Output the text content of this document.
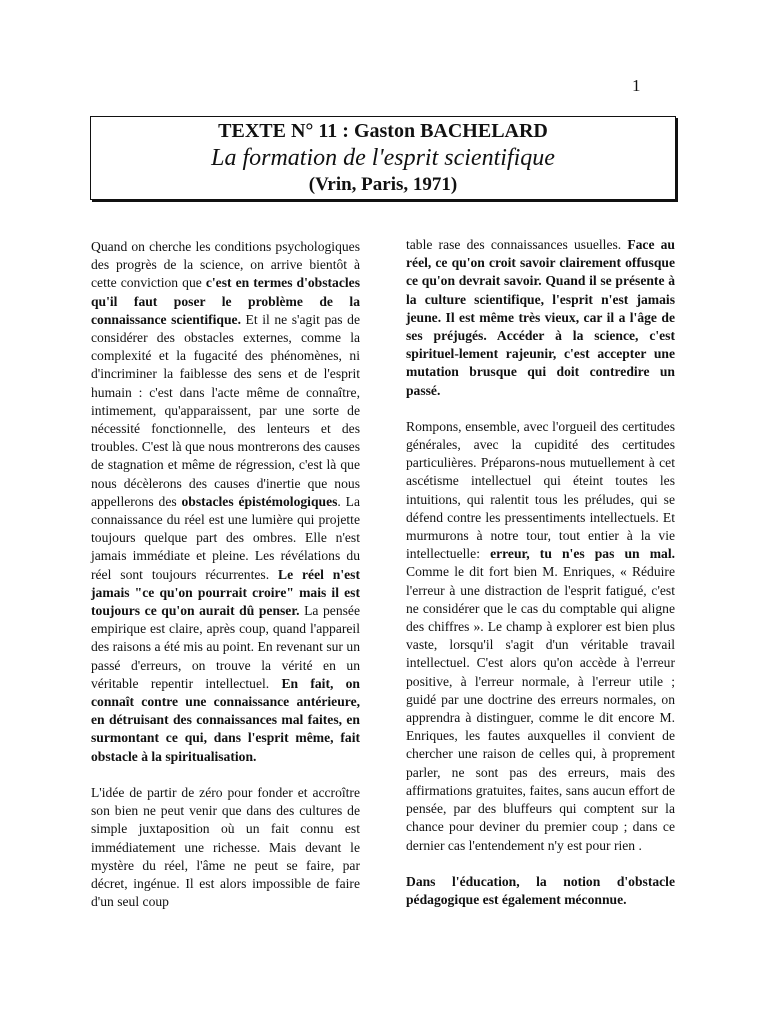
1
TEXTE N° 11 : Gaston BACHELARD
La formation de l'esprit scientifique
(Vrin, Paris, 1971)

Quand on cherche les conditions psychologiques des progrès de la science, on arrive bientôt à cette conviction que c'est en termes d'obstacles qu'il faut poser le problème de la connaissance scientifique. Et il ne s'agit pas de considérer des obstacles externes, comme la complexité et la fugacité des phénomènes, ni d'incriminer la faiblesse des sens et de l'esprit humain : c'est dans l'acte même de connaître, intimement, qu'apparaissent, par une sorte de nécessité fonctionnelle, des lenteurs et des troubles. C'est là que nous montrerons des causes de stagnation et même de régression, c'est là que nous décèlerons des causes d'inertie que nous appellerons des obstacles épistémologiques. La connaissance du réel est une lumière qui projette toujours quelque part des ombres. Elle n'est jamais immédiate et pleine. Les révélations du réel sont toujours récurrentes. Le réel n'est jamais "ce qu'on pourrait croire" mais il est toujours ce qu'on aurait dû penser. La pensée empirique est claire, après coup, quand l'appareil des raisons a été mis au point. En revenant sur un passé d'erreurs, on trouve la vérité en un véritable repentir intellectuel. En fait, on connaît contre une connaissance antérieure, en détruisant des connaissances mal faites, en surmontant ce qui, dans l'esprit même, fait obstacle à la spiritualisation.

L'idée de partir de zéro pour fonder et accroître son bien ne peut venir que dans des cultures de simple juxtaposition où un fait connu est immédiatement une richesse. Mais devant le mystère du réel, l'âme ne peut se faire, par décret, ingénue. Il est alors impossible de faire d'un seul coup

table rase des connaissances usuelles. Face au réel, ce qu'on croit savoir clairement offusque ce qu'on devrait savoir. Quand il se présente à la culture scientifique, l'esprit n'est jamais jeune. Il est même très vieux, car il a l'âge de ses préjugés. Accéder à la science, c'est spirituel-lement rajeunir, c'est accepter une mutation brusque qui doit contredire un passé.

Rompons, ensemble, avec l'orgueil des certitudes générales, avec la cupidité des certitudes particulières. Préparons-nous mutuellement à cet ascétisme intellectuel qui éteint toutes les intuitions, qui ralentit tous les préludes, qui se défend contre les pressentiments intellectuels. Et murmurons à notre tour, tout entier à la vie intellectuelle: erreur, tu n'es pas un mal. Comme le dit fort bien M. Enriques, « Réduire l'erreur à une distraction de l'esprit fatigué, c'est ne considérer que le cas du comptable qui aligne des chiffres ». Le champ à explorer est bien plus vaste, lorsqu'il s'agit d'un véritable travail intellectuel. C'est alors qu'on accède à l'erreur positive, à l'erreur normale, à l'erreur utile ; guidé par une doctrine des erreurs normales, on apprendra à distinguer, comme le dit encore M. Enriques, les fautes auxquelles il convient de chercher une raison de celles qui, à proprement parler, ne sont pas des erreurs, mais des affirmations gratuites, faites, sans aucun effort de pensée, par des bluffeurs qui comptent sur la chance pour deviner du premier coup ; dans ce dernier cas l'entendement n'y est pour rien .

Dans l'éducation, la notion d'obstacle pédagogique est également méconnue.
